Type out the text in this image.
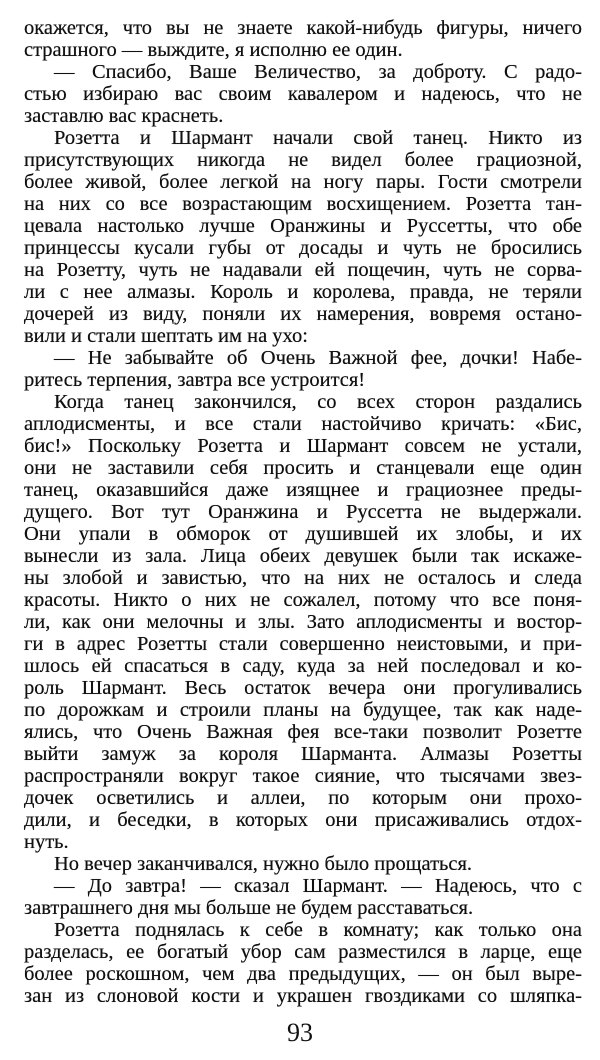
окажется, что вы не знаете какой-нибудь фигуры, ничего
страшного — выждите, я исполню ее один.
— Спасибо, Ваше Величество, за доброту. С радо-
стью избираю вас своим кавалером и надеюсь, что не
заставлю вас краснеть.
Розетта и Шармант начали свой танец. Никто из
присутствующих никогда не видел более грациозной,
более живой, более легкой на ногу пары. Гости смотрели
на них со все возрастающим восхищением. Розетта тан-
цевала настолько лучше Оранжины и Руссетты, что обе
принцессы кусали губы от досады и чуть не бросились
на Розетту, чуть не надавали ей пощечин, чуть не сорва-
ли с нее алмазы. Король и королева, правда, не теряли
дочерей из виду, поняли их намерения, вовремя остано-
вили и стали шептать им на ухо:
— Не забывайте об Очень Важной фее, дочки! Набе-
ритесь терпения, завтра все устроится!
Когда танец закончился, со всех сторон раздались
аплодисменты, и все стали настойчиво кричать: «Бис,
бис!» Поскольку Розетта и Шармант совсем не устали,
они не заставили себя просить и станцевали еще один
танец, оказавшийся даже изящнее и грациознее преды-
дущего. Вот тут Оранжина и Руссетта не выдержали.
Они упали в обморок от душившей их злобы, и их
вынесли из зала. Лица обеих девушек были так искаже-
ны злобой и завистью, что на них не осталось и следа
красоты. Никто о них не сожалел, потому что все поня-
ли, как они мелочны и злы. Зато аплодисменты и востор-
ги в адрес Розетты стали совершенно неистовыми, и при-
шлось ей спасаться в саду, куда за ней последовал и ко-
роль Шармант. Весь остаток вечера они прогуливались
по дорожкам и строили планы на будущее, так как наде-
ялись, что Очень Важная фея все-таки позволит Розетте
выйти замуж за короля Шарманта. Алмазы Розетты
распространяли вокруг такое сияние, что тысячами звез-
дочек осветились и аллеи, по которым они прохо-
дили, и беседки, в которых они присаживались отдох-
нуть.
Но вечер заканчивался, нужно было прощаться.
— До завтра! — сказал Шармант. — Надеюсь, что с
завтрашнего дня мы больше не будем расставаться.
Розетта поднялась к себе в комнату; как только она
разделась, ее богатый убор сам разместился в ларце, еще
более роскошном, чем два предыдущих, — он был выре-
зан из слоновой кости и украшен гвоздиками со шляпка-
93
